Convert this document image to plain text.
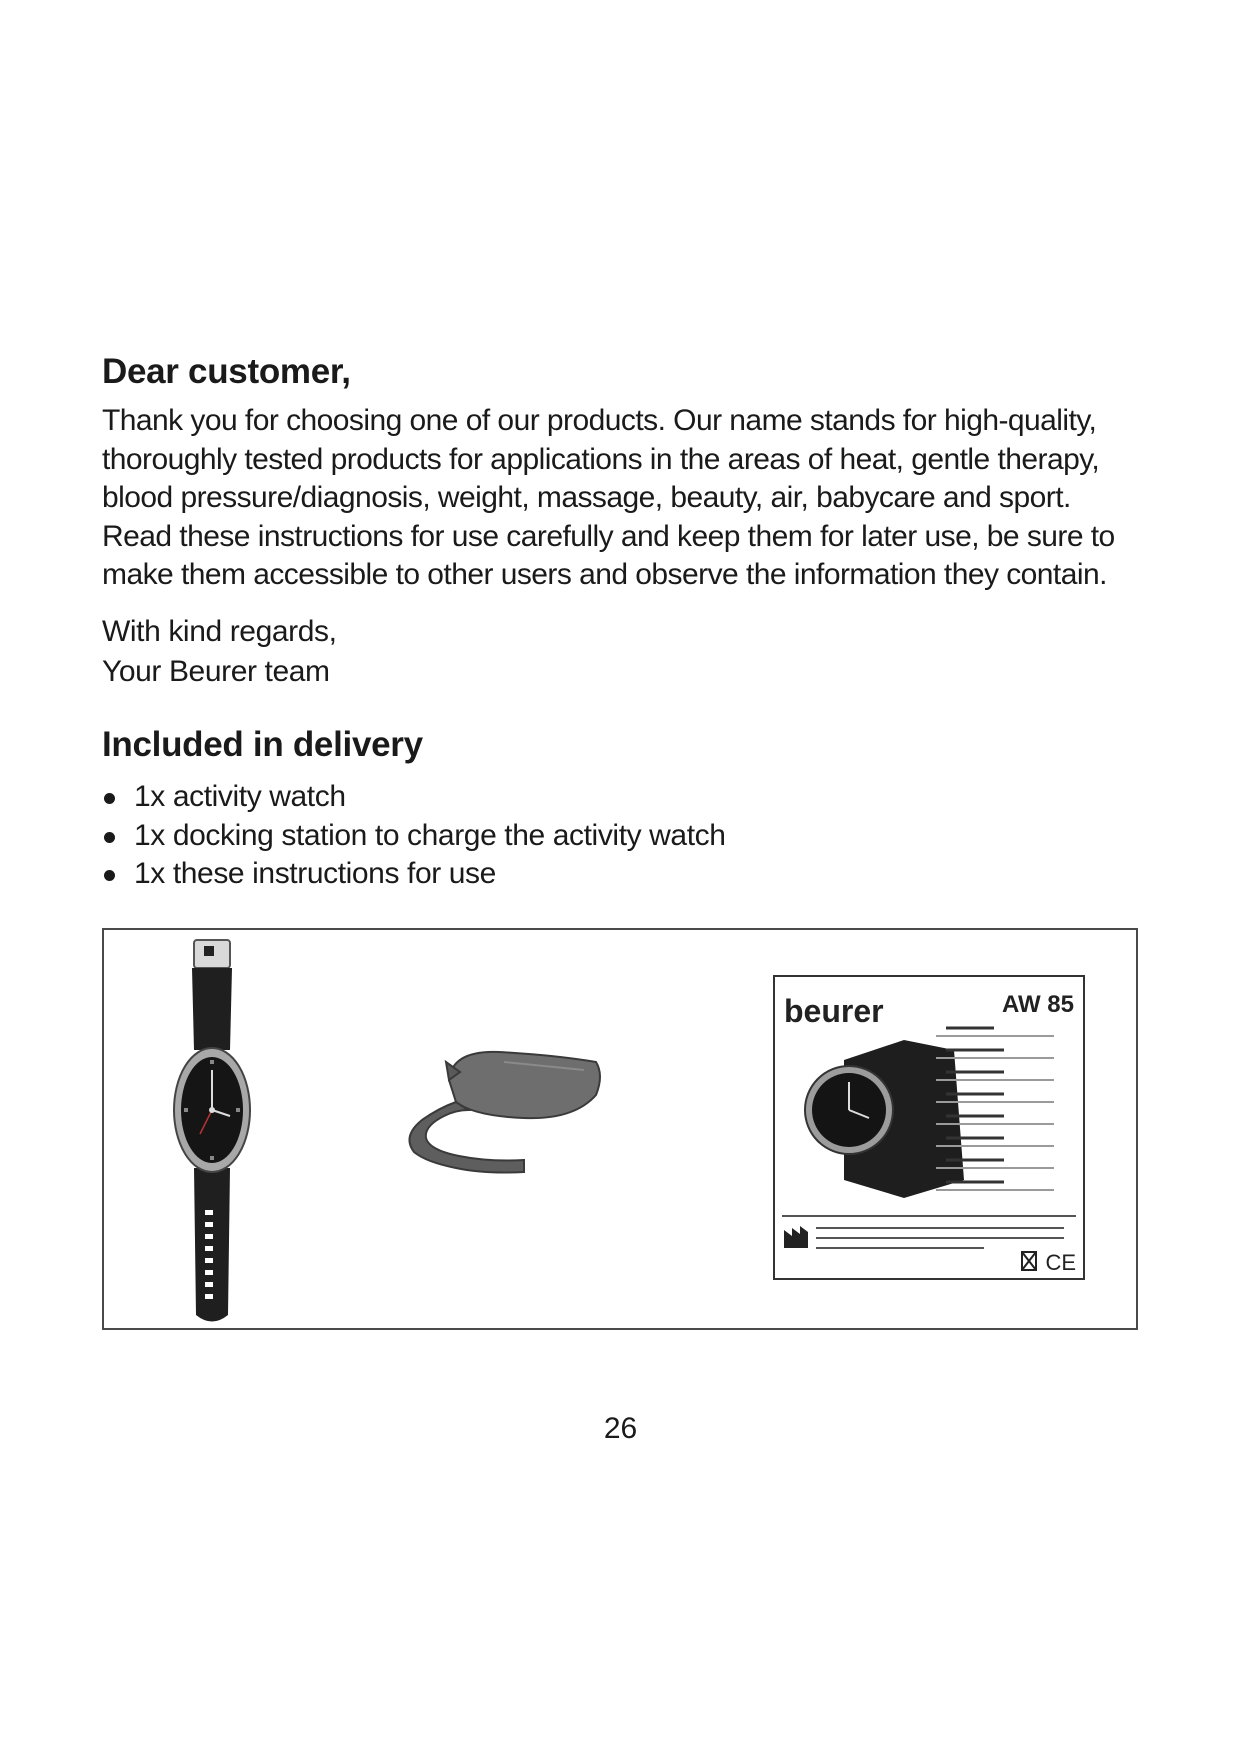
Dear customer,

Thank you for choosing one of our products. Our name stands for high-quality,
thoroughly tested products for applications in the areas of heat, gentle therapy,
blood pressure/diagnosis, weight, massage, beauty, air, babycare and sport.
Read these instructions for use carefully and keep them for later use, be sure to
make them accessible to other users and observe the information they contain.

With kind regards,
Your Beurer team

Included in delivery
1x activity watch
1x docking station to charge the activity watch
1x these instructions for use
beurer	AW 85
CE

26
